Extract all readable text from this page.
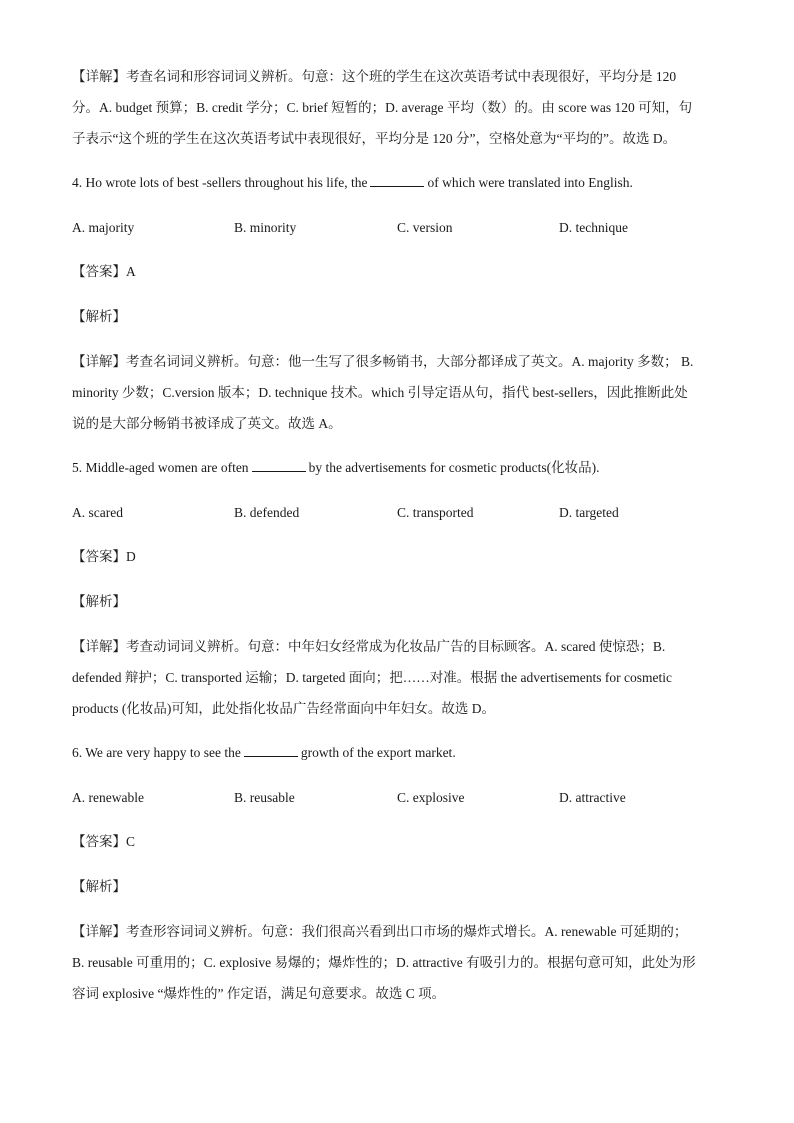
【详解】考查名词和形容词词义辨析。句意：这个班的学生在这次英语考试中表现很好，平均分是 120
分。A. budget 预算；B. credit 学分；C. brief 短暂的；D. average 平均（数）的。由 score was 120 可知，句
子表示“这个班的学生在这次英语考试中表现很好，平均分是 120 分”，空格处意为“平均的”。故选 D。
4. Ho wrote lots of best -sellers throughout his life, the	of which were translated into English.
A. majority	B. minority	C. version	D. technique
【答案】A
【解析】
【详解】考查名词词义辨析。句意：他一生写了很多畅销书，大部分都译成了英文。A. majority 多数； B.
minority 少数；C.version 版本；D. technique 技术。which 引导定语从句，指代 best-sellers，因此推断此处
说的是大部分畅销书被译成了英文。故选 A。
5. Middle-aged women are often	by the advertisements for cosmetic products(化妆品).
A. scared	B. defended	C. transported	D. targeted
【答案】D
【解析】
【详解】考查动词词义辨析。句意：中年妇女经常成为化妆品广告的目标顾客。A. scared 使惊恐；B.
defended 辩护；C. transported 运输；D. targeted 面向；把……对准。根据 the advertisements for cosmetic
products (化妆品)可知，此处指化妆品广告经常面向中年妇女。故选 D。
6. We are very happy to see the	growth of the export market.
A. renewable	B. reusable	C. explosive	D. attractive
【答案】C
【解析】
【详解】考查形容词词义辨析。句意：我们很高兴看到出口市场的爆炸式增长。A. renewable 可延期的；
B. reusable 可重用的；C. explosive 易爆的；爆炸性的；D. attractive 有吸引力的。根据句意可知，此处为形
容词 explosive “爆炸性的” 作定语，满足句意要求。故选 C 项。
